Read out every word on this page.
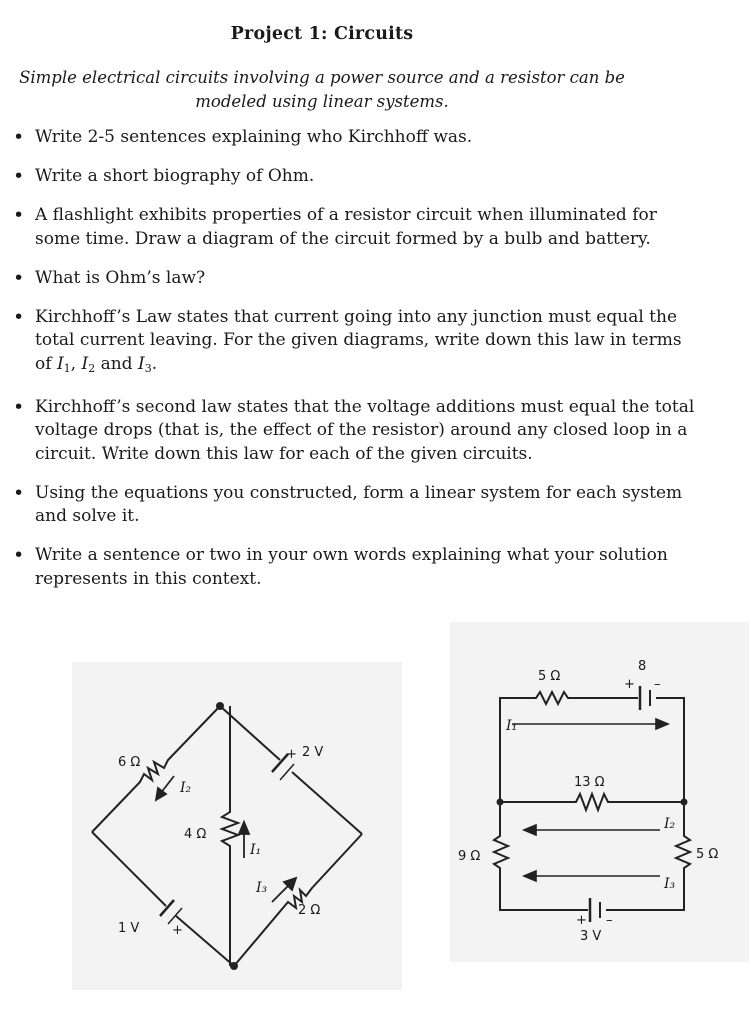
Project 1: Circuits
Simple electrical circuits involving a power source and a resistor can be
modeled using linear systems.
• Write 2-5 sentences explaining who Kirchhoff was.
• Write a short biography of Ohm.
• A flashlight exhibits properties of a resistor circuit when illuminated for some time. Draw a diagram of the circuit formed by a bulb and battery.
• What is Ohm’s law?
• Kirchhoff’s Law states that current going into any junction must equal the total current leaving. For the given diagrams, write down this law in terms of $I_1$, $I_2$ and $I_3$.
• Kirchhoff’s second law states that the voltage additions must equal the total voltage drops (that is, the effect of the resistor) around any closed loop in a circuit. Write down this law for each of the given circuits.
• Using the equations you constructed, form a linear system for each system and solve it.
• Write a sentence or two in your own words explaining what your solution represents in this context.
6 Ω
4 Ω
2 Ω
2 V
1 V
+
+
I₂
I₁
I₃
5 Ω
8
+ –
13 Ω
9 Ω	5 Ω
3 V
+ –
I₁
I₂
I₃
